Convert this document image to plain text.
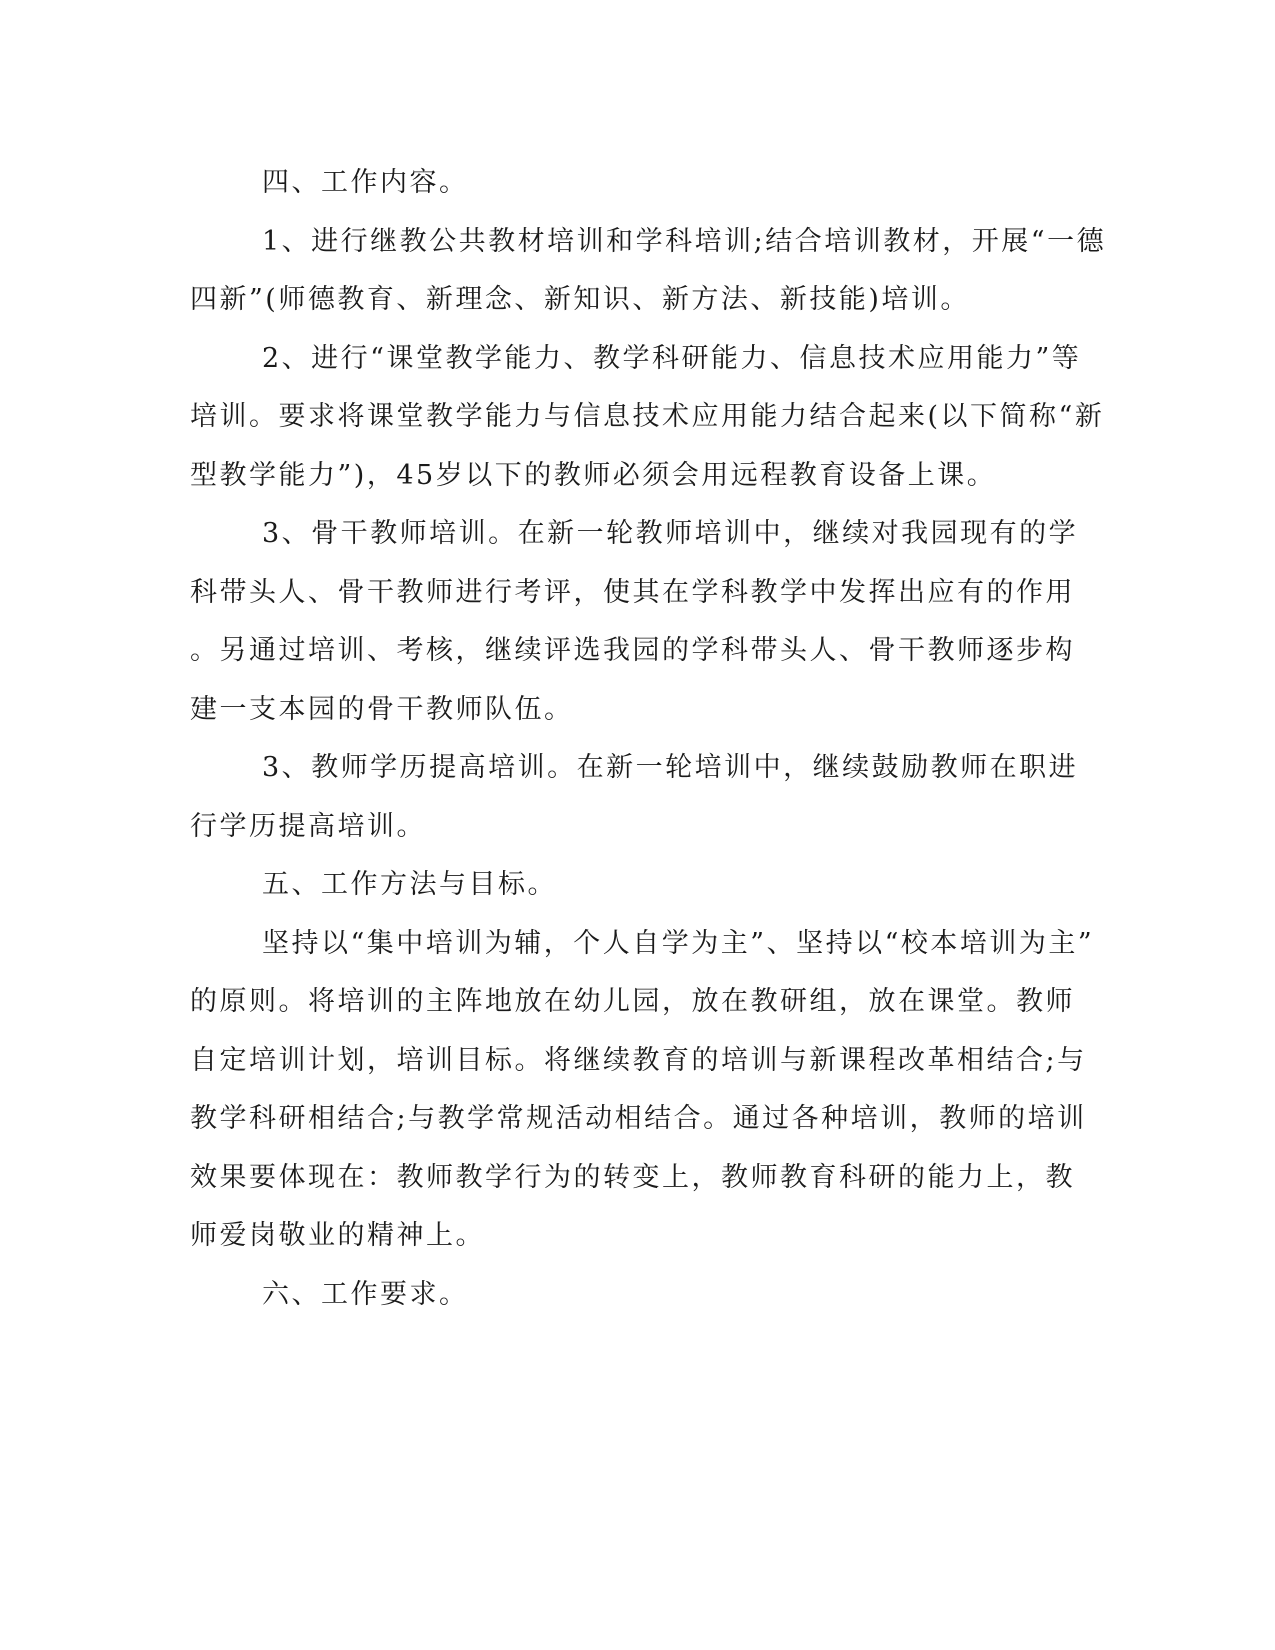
四、工作内容。
1、进行继教公共教材培训和学科培训;结合培训教材，开展“一德
四新”(师德教育、新理念、新知识、新方法、新技能)培训。
2、进行“课堂教学能力、教学科研能力、信息技术应用能力”等
培训。要求将课堂教学能力与信息技术应用能力结合起来(以下简称“新
型教学能力”)，45岁以下的教师必须会用远程教育设备上课。
3、骨干教师培训。在新一轮教师培训中，继续对我园现有的学
科带头人、骨干教师进行考评，使其在学科教学中发挥出应有的作用
。另通过培训、考核，继续评选我园的学科带头人、骨干教师逐步构
建一支本园的骨干教师队伍。
3、教师学历提高培训。在新一轮培训中，继续鼓励教师在职进
行学历提高培训。
五、工作方法与目标。
坚持以“集中培训为辅，个人自学为主”、坚持以“校本培训为主”
的原则。将培训的主阵地放在幼儿园，放在教研组，放在课堂。教师
自定培训计划，培训目标。将继续教育的培训与新课程改革相结合;与
教学科研相结合;与教学常规活动相结合。通过各种培训，教师的培训
效果要体现在：教师教学行为的转变上，教师教育科研的能力上，教
师爱岗敬业的精神上。
六、工作要求。
